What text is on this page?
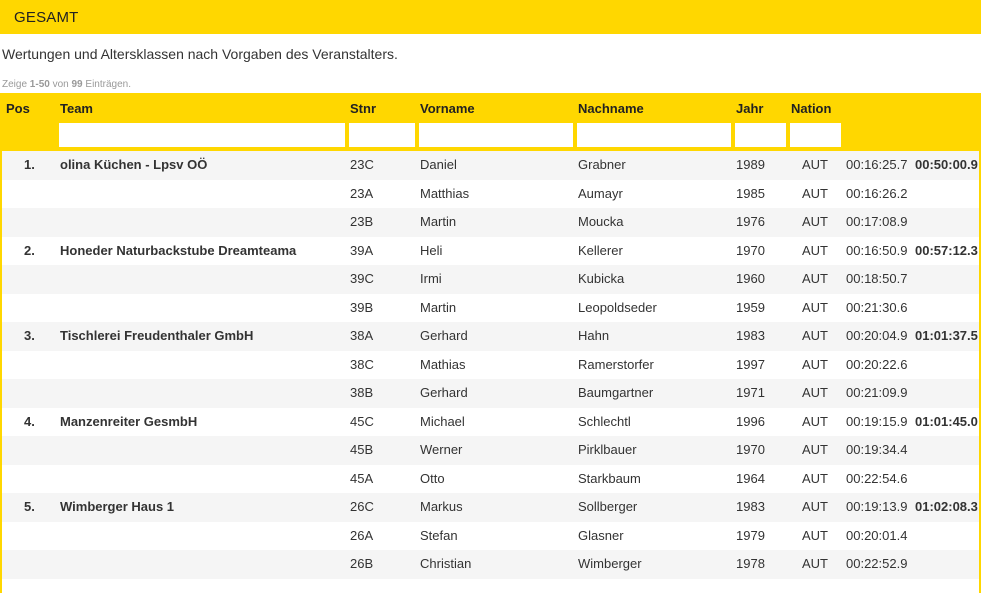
GESAMT
Wertungen und Altersklassen nach Vorgaben des Veranstalters.
Zeige 1-50 von 99 Einträgen.
Pos Team	Stnr	Vorname	Nachname	Jahr Nation
1. olina Küchen - Lpsv OÖ	23C	Daniel	Grabner	1989	AUT 00:16:25.7 00:50:00.9
23A	Matthias	Aumayr	1985	AUT 00:16:26.2
23B	Martin	Moucka	1976	AUT 00:17:08.9
2. Honeder Naturbackstube Dreamteama	39A	Heli	Kellerer	1970	AUT 00:16:50.9 00:57:12.3
39C	Irmi	Kubicka	1960	AUT 00:18:50.7
39B	Martin	Leopoldseder	1959	AUT 00:21:30.6
3. Tischlerei Freudenthaler GmbH	38A	Gerhard	Hahn	1983	AUT 00:20:04.9 01:01:37.5
38C	Mathias	Ramerstorfer	1997	AUT 00:20:22.6
38B	Gerhard	Baumgartner	1971	AUT 00:21:09.9
4. Manzenreiter GesmbH	45C	Michael	Schlechtl	1996	AUT 00:19:15.9 01:01:45.0
45B	Werner	Pirklbauer	1970	AUT 00:19:34.4
45A	Otto	Starkbaum	1964	AUT 00:22:54.6
5. Wimberger Haus 1	26C	Markus	Sollberger	1983	AUT 00:19:13.9 01:02:08.3
26A	Stefan	Glasner	1979	AUT 00:20:01.4
26B	Christian	Wimberger	1978	AUT 00:22:52.9
